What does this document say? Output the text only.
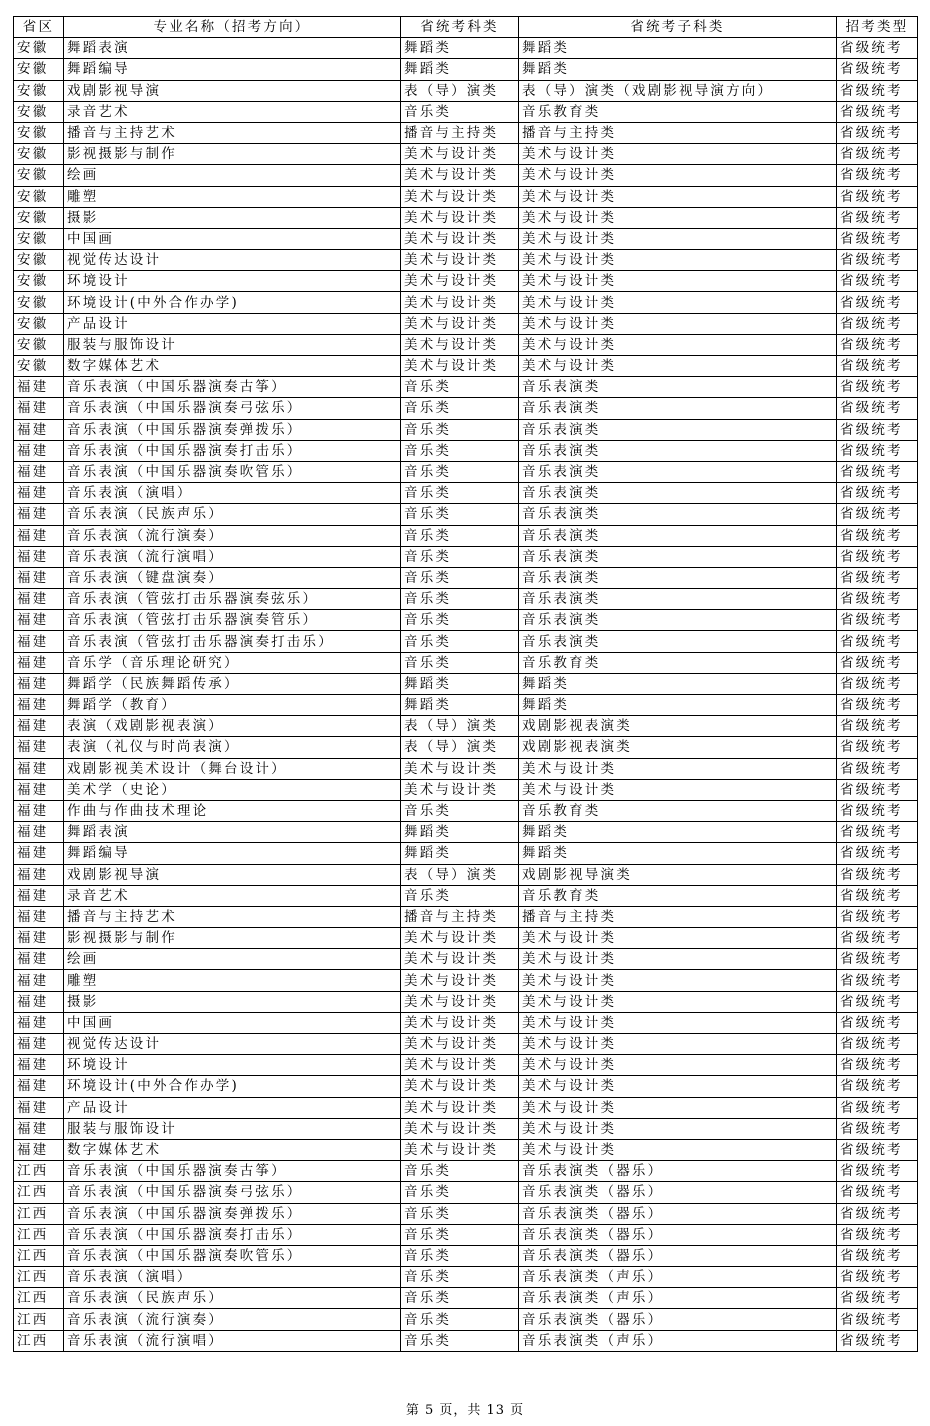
省区	专业名称（招考方向）	省统考科类	省统考子科类	招考类型
安徽	舞蹈表演	舞蹈类	舞蹈类	省级统考
安徽	舞蹈编导	舞蹈类	舞蹈类	省级统考
安徽	戏剧影视导演	表（导）演类	表（导）演类（戏剧影视导演方向）	省级统考
安徽	录音艺术	音乐类	音乐教育类	省级统考
安徽	播音与主持艺术	播音与主持类	播音与主持类	省级统考
安徽	影视摄影与制作	美术与设计类	美术与设计类	省级统考
安徽	绘画	美术与设计类	美术与设计类	省级统考
安徽	雕塑	美术与设计类	美术与设计类	省级统考
安徽	摄影	美术与设计类	美术与设计类	省级统考
安徽	中国画	美术与设计类	美术与设计类	省级统考
安徽	视觉传达设计	美术与设计类	美术与设计类	省级统考
安徽	环境设计	美术与设计类	美术与设计类	省级统考
安徽	环境设计(中外合作办学)	美术与设计类	美术与设计类	省级统考
安徽	产品设计	美术与设计类	美术与设计类	省级统考
安徽	服装与服饰设计	美术与设计类	美术与设计类	省级统考
安徽	数字媒体艺术	美术与设计类	美术与设计类	省级统考
福建	音乐表演（中国乐器演奏古筝）	音乐类	音乐表演类	省级统考
福建	音乐表演（中国乐器演奏弓弦乐）	音乐类	音乐表演类	省级统考
福建	音乐表演（中国乐器演奏弹拨乐）	音乐类	音乐表演类	省级统考
福建	音乐表演（中国乐器演奏打击乐）	音乐类	音乐表演类	省级统考
福建	音乐表演（中国乐器演奏吹管乐）	音乐类	音乐表演类	省级统考
福建	音乐表演（演唱）	音乐类	音乐表演类	省级统考
福建	音乐表演（民族声乐）	音乐类	音乐表演类	省级统考
福建	音乐表演（流行演奏）	音乐类	音乐表演类	省级统考
福建	音乐表演（流行演唱）	音乐类	音乐表演类	省级统考
福建	音乐表演（键盘演奏）	音乐类	音乐表演类	省级统考
福建	音乐表演（管弦打击乐器演奏弦乐）	音乐类	音乐表演类	省级统考
福建	音乐表演（管弦打击乐器演奏管乐）	音乐类	音乐表演类	省级统考
福建	音乐表演（管弦打击乐器演奏打击乐）	音乐类	音乐表演类	省级统考
福建	音乐学（音乐理论研究）	音乐类	音乐教育类	省级统考
福建	舞蹈学（民族舞蹈传承）	舞蹈类	舞蹈类	省级统考
福建	舞蹈学（教育）	舞蹈类	舞蹈类	省级统考
福建	表演（戏剧影视表演）	表（导）演类	戏剧影视表演类	省级统考
福建	表演（礼仪与时尚表演）	表（导）演类	戏剧影视表演类	省级统考
福建	戏剧影视美术设计（舞台设计）	美术与设计类	美术与设计类	省级统考
福建	美术学（史论）	美术与设计类	美术与设计类	省级统考
福建	作曲与作曲技术理论	音乐类	音乐教育类	省级统考
福建	舞蹈表演	舞蹈类	舞蹈类	省级统考
福建	舞蹈编导	舞蹈类	舞蹈类	省级统考
福建	戏剧影视导演	表（导）演类	戏剧影视导演类	省级统考
福建	录音艺术	音乐类	音乐教育类	省级统考
福建	播音与主持艺术	播音与主持类	播音与主持类	省级统考
福建	影视摄影与制作	美术与设计类	美术与设计类	省级统考
福建	绘画	美术与设计类	美术与设计类	省级统考
福建	雕塑	美术与设计类	美术与设计类	省级统考
福建	摄影	美术与设计类	美术与设计类	省级统考
福建	中国画	美术与设计类	美术与设计类	省级统考
福建	视觉传达设计	美术与设计类	美术与设计类	省级统考
福建	环境设计	美术与设计类	美术与设计类	省级统考
福建	环境设计(中外合作办学)	美术与设计类	美术与设计类	省级统考
福建	产品设计	美术与设计类	美术与设计类	省级统考
福建	服装与服饰设计	美术与设计类	美术与设计类	省级统考
福建	数字媒体艺术	美术与设计类	美术与设计类	省级统考
江西	音乐表演（中国乐器演奏古筝）	音乐类	音乐表演类（器乐）	省级统考
江西	音乐表演（中国乐器演奏弓弦乐）	音乐类	音乐表演类（器乐）	省级统考
江西	音乐表演（中国乐器演奏弹拨乐）	音乐类	音乐表演类（器乐）	省级统考
江西	音乐表演（中国乐器演奏打击乐）	音乐类	音乐表演类（器乐）	省级统考
江西	音乐表演（中国乐器演奏吹管乐）	音乐类	音乐表演类（器乐）	省级统考
江西	音乐表演（演唱）	音乐类	音乐表演类（声乐）	省级统考
江西	音乐表演（民族声乐）	音乐类	音乐表演类（声乐）	省级统考
江西	音乐表演（流行演奏）	音乐类	音乐表演类（器乐）	省级统考
江西	音乐表演（流行演唱）	音乐类	音乐表演类（声乐）	省级统考
第 5 页，共 13 页
